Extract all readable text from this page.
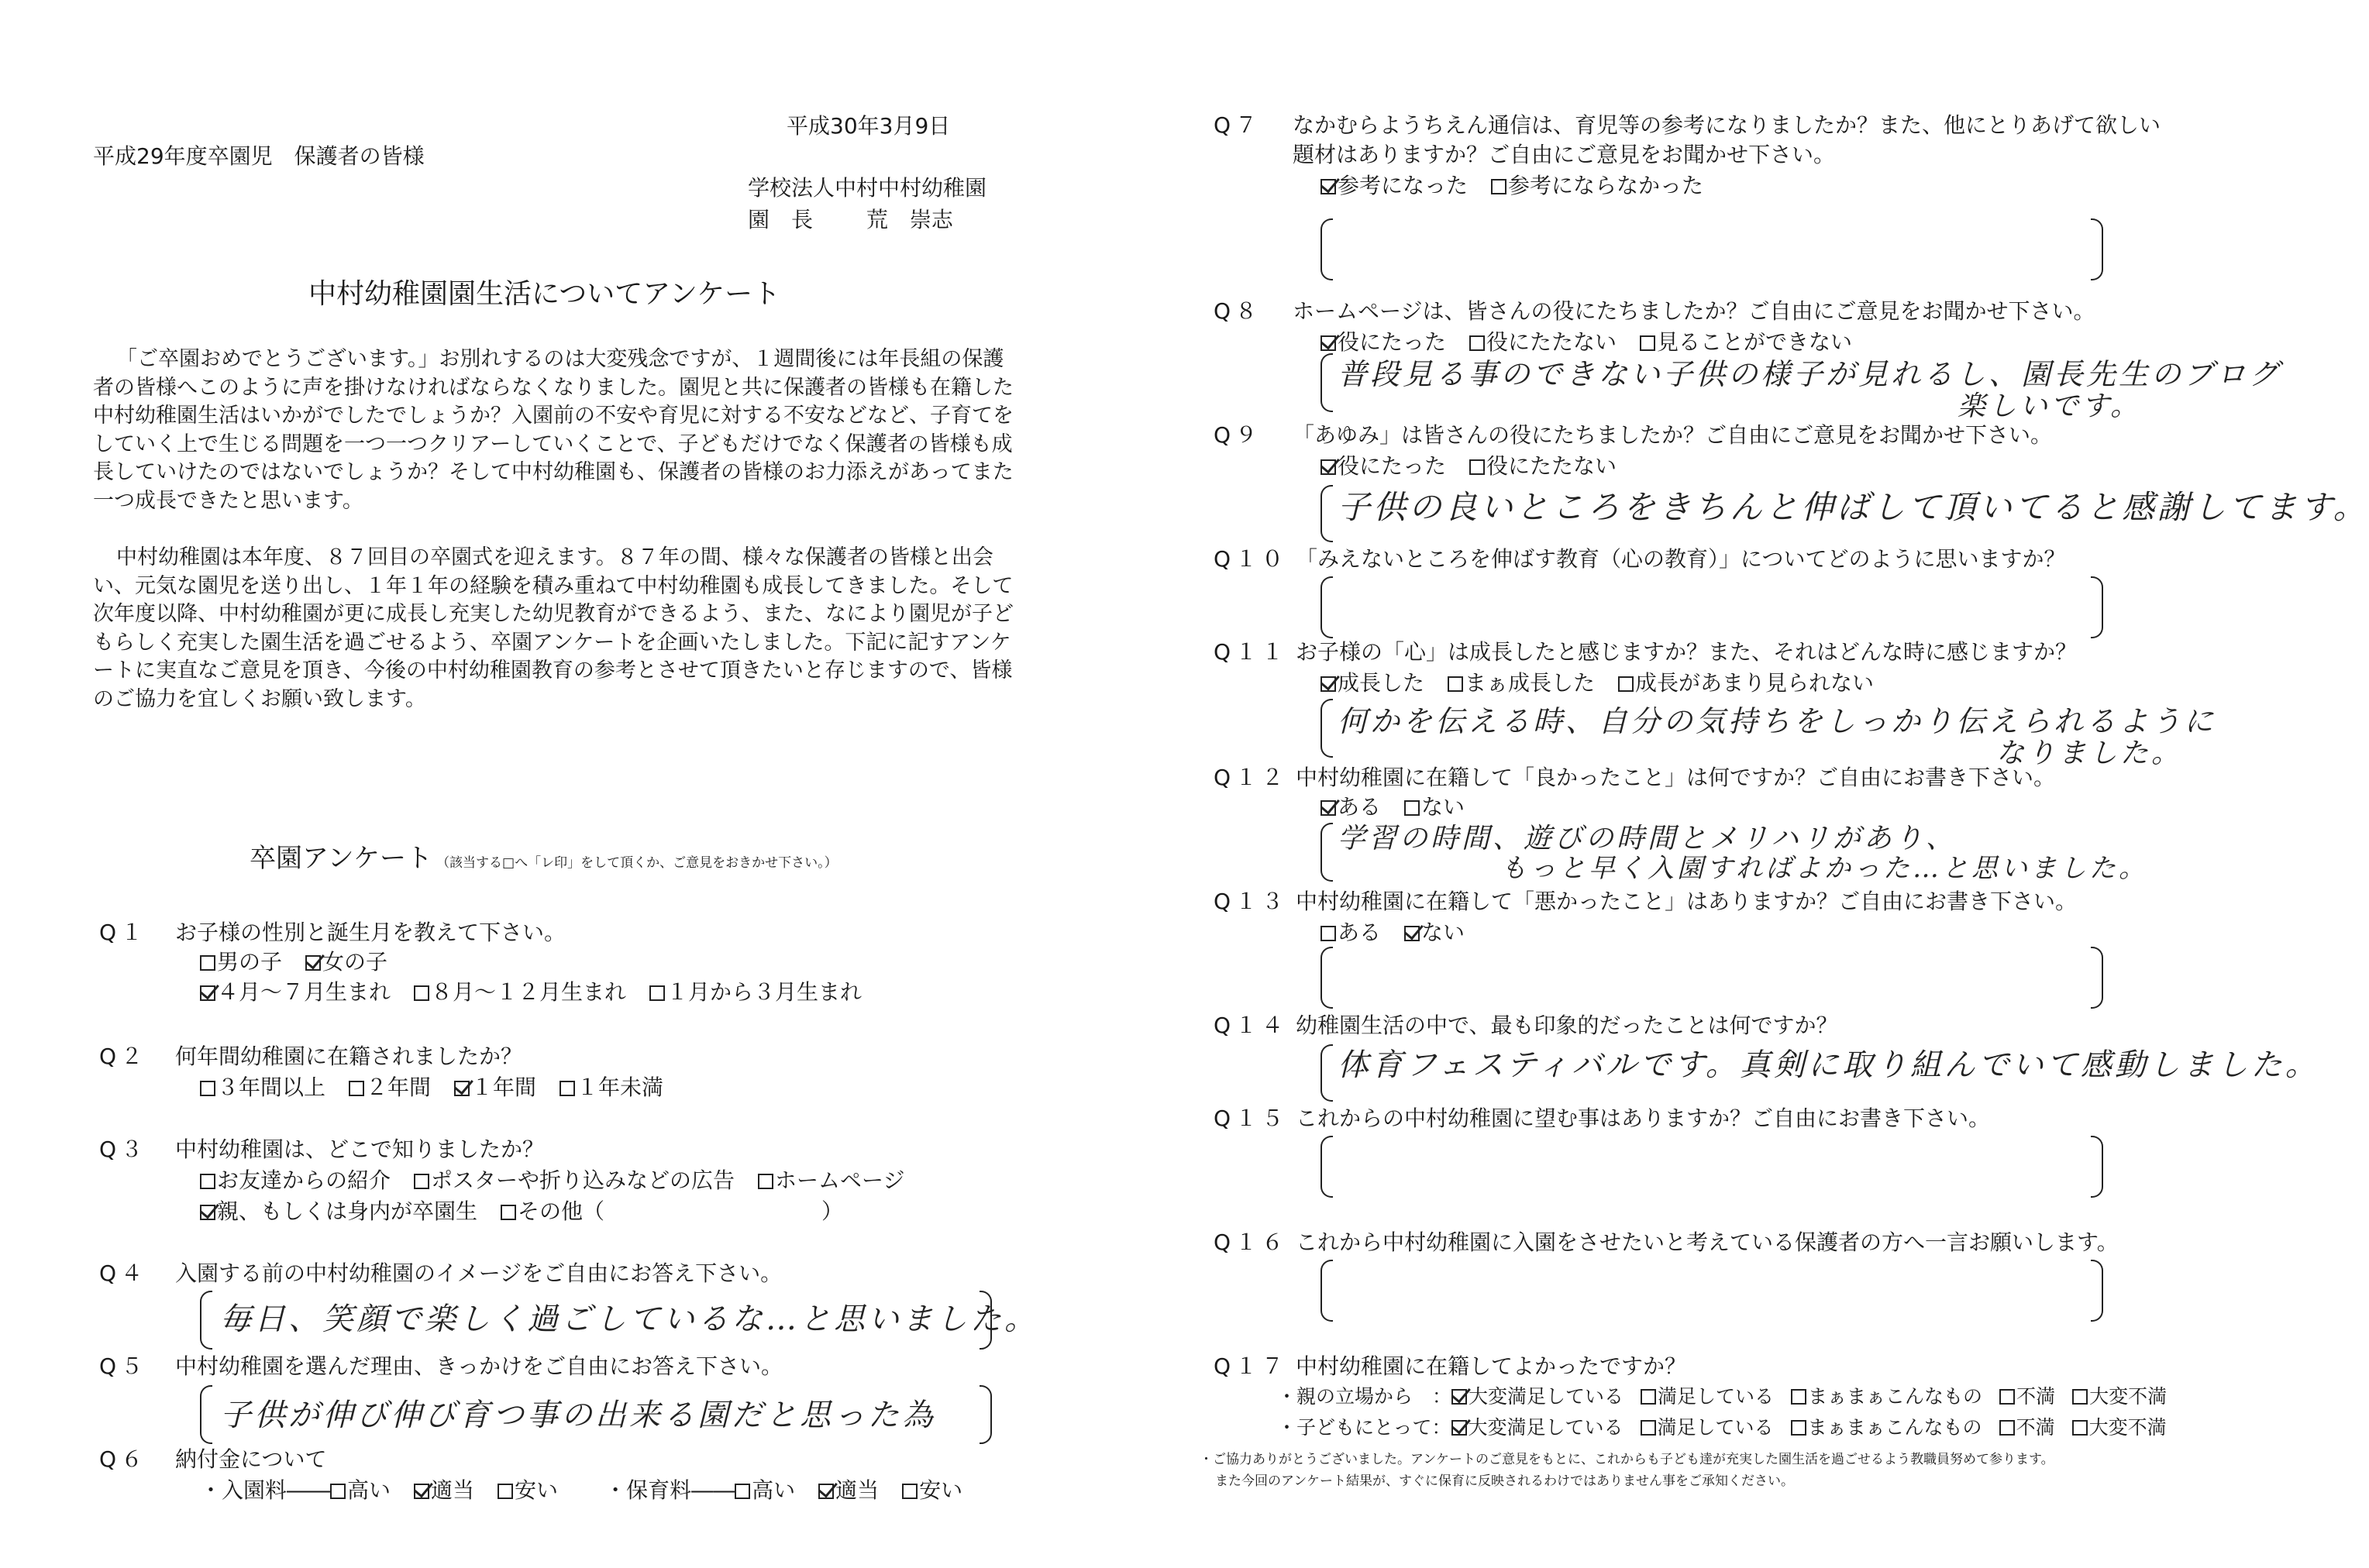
平成30年3月9日
平成29年度卒園児　保護者の皆様
学校法人中村中村幼稚園
園　長 荒　崇志
中村幼稚園園生活についてアンケート
「ご卒園おめでとうございます。」お別れするのは大変残念ですが、１週間後には年長組の保護者の皆様へこのように声を掛けなければならなくなりました。園児と共に保護者の皆様も在籍した中村幼稚園生活はいかがでしたでしょうか？入園前の不安や育児に対する不安などなど、子育てをしていく上で生じる問題を一つ一つクリアーしていくことで、子どもだけでなく保護者の皆様も成長していけたのではないでしょうか？そして中村幼稚園も、保護者の皆様のお力添えがあってまた一つ成長できたと思います。
中村幼稚園は本年度、８７回目の卒園式を迎えます。８７年の間、様々な保護者の皆様と出会い、元気な園児を送り出し、１年１年の経験を積み重ねて中村幼稚園も成長してきました。そして次年度以降、中村幼稚園が更に成長し充実した幼児教育ができるよう、また、なにより園児が子どもらしく充実した園生活を過ごせるよう、卒園アンケートを企画いたしました。下記に記すアンケートに実直なご意見を頂き、今後の中村幼稚園教育の参考とさせて頂きたいと存じますので、皆様のご協力を宜しくお願い致します。
卒園アンケート （該当する□へ「レ印」をして頂くか、ご意見をおきかせ下さい。）
Q１ お子様の性別と誕生月を教えて下さい。
男の子 女の子
４月〜７月生まれ ８月〜１２月生まれ １月から３月生まれ
Q２ 何年間幼稚園に在籍されましたか？
３年間以上 ２年間 １年間 １年未満
Q３ 中村幼稚園は、どこで知りましたか？
お友達からの紹介 ポスターや折り込みなどの広告 ホームページ
親、もしくは身内が卒園生 その他（　　　　　　　　　　）
Q４ 入園する前の中村幼稚園のイメージをご自由にお答え下さい。
毎日、笑顔で楽しく過ごしているな…と思いました。
Q５ 中村幼稚園を選んだ理由、きっかけをご自由にお答え下さい。
子供が伸び伸び育つ事の出来る園だと思った為
Q６ 納付金について
・入園料―― 高い 適当 安い ・保育料―― 高い 適当 安い
Q７ なかむらようちえん通信は、育児等の参考になりましたか？また、他にとりあげて欲しい
題材はありますか？ご自由にご意見をお聞かせ下さい。
参考になった 参考にならなかった
Q８ ホームページは、皆さんの役にたちましたか？ご自由にご意見をお聞かせ下さい。
役にたった 役にたたない 見ることができない
普段見る事のできない子供の様子が見れるし、園長先生のブログ
楽しいです。
Q９ 「あゆみ」は皆さんの役にたちましたか？ご自由にご意見をお聞かせ下さい。
役にたった 役にたたない
子供の良いところをきちんと伸ばして頂いてると感謝してます。
Q１０ 「みえないところを伸ばす教育（心の教育）」についてどのように思いますか？
Q１１ お子様の「心」は成長したと感じますか？また、それはどんな時に感じますか？
成長した まぁ成長した 成長があまり見られない
何かを伝える時、自分の気持ちをしっかり伝えられるように
なりました。
Q１２ 中村幼稚園に在籍して「良かったこと」は何ですか？ご自由にお書き下さい。
ある ない
学習の時間、遊びの時間とメリハリがあり、
もっと早く入園すればよかった…と思いました。
Q１３ 中村幼稚園に在籍して「悪かったこと」はありますか？ご自由にお書き下さい。
ある ない
Q１４ 幼稚園生活の中で、最も印象的だったことは何ですか？
体育フェスティバルです。真剣に取り組んでいて感動しました。
Q１５ これからの中村幼稚園に望む事はありますか？ご自由にお書き下さい。
Q１６ これから中村幼稚園に入園をさせたいと考えている保護者の方へ一言お願いします。
Q１７ 中村幼稚園に在籍してよかったですか？
・親の立場から　： 大変満足している 満足している まぁまぁこんなもの 不満 大変不満
・子どもにとって： 大変満足している 満足している まぁまぁこんなもの 不満 大変不満
・ご協力ありがとうございました。アンケートのご意見をもとに、これからも子ども達が充実した園生活を過ごせるよう教職員努めて参ります。
また今回のアンケート結果が、すぐに保育に反映されるわけではありません事をご承知ください。
